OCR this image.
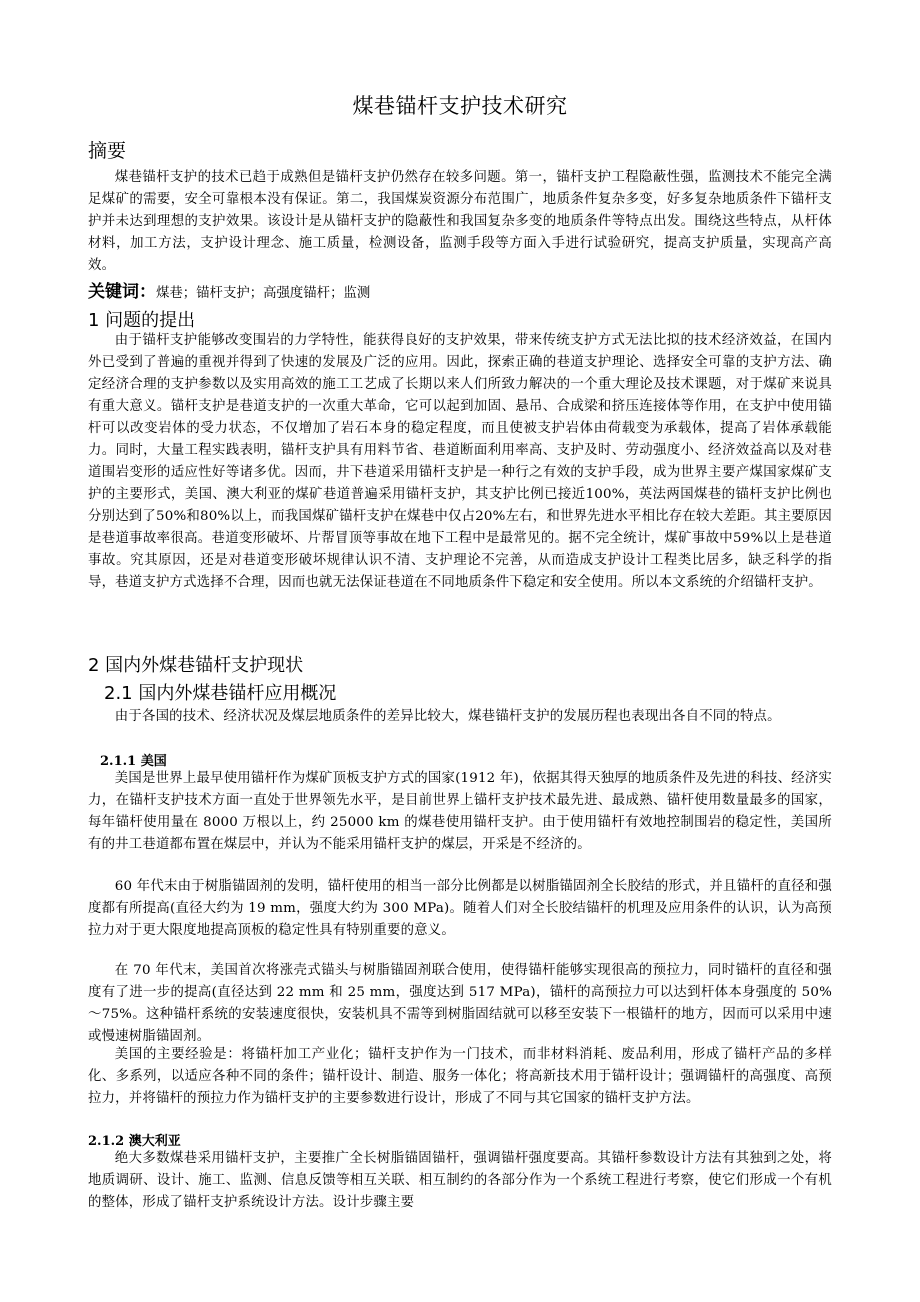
煤巷锚杆支护技术研究
摘要
煤巷锚杆支护的技术已趋于成熟但是锚杆支护仍然存在较多问题。第一，锚杆支护工程隐蔽性强，监测技术不能完全满足煤矿的需要，安全可靠根本没有保证。第二，我国煤炭资源分布范围广，地质条件复杂多变，好多复杂地质条件下锚杆支护并未达到理想的支护效果。该设计是从锚杆支护的隐蔽性和我国复杂多变的地质条件等特点出发。围绕这些特点，从杆体材料，加工方法，支护设计理念、施工质量，检测设备，监测手段等方面入手进行试验研究，提高支护质量，实现高产高效。
关键词：煤巷；锚杆支护；高强度锚杆；监测
1 问题的提出
由于锚杆支护能够改变围岩的力学特性，能获得良好的支护效果，带来传统支护方式无法比拟的技术经济效益，在国内外已受到了普遍的重视并得到了快速的发展及广泛的应用。因此，探索正确的巷道支护理论、选择安全可靠的支护方法、确定经济合理的支护参数以及实用高效的施工工艺成了长期以来人们所致力解决的一个重大理论及技术课题，对于煤矿来说具有重大意义。锚杆支护是巷道支护的一次重大革命，它可以起到加固、悬吊、合成梁和挤压连接体等作用，在支护中使用锚杆可以改变岩体的受力状态，不仅增加了岩石本身的稳定程度，而且使被支护岩体由荷载变为承载体，提高了岩体承载能力。同时，大量工程实践表明，锚杆支护具有用料节省、巷道断面利用率高、支护及时、劳动强度小、经济效益高以及对巷道围岩变形的适应性好等诸多优。因而，井下巷道采用锚杆支护是一种行之有效的支护手段，成为世界主要产煤国家煤矿支护的主要形式，美国、澳大利亚的煤矿巷道普遍采用锚杆支护，其支护比例已接近100%，英法两国煤巷的锚杆支护比例也分别达到了50%和80%以上，而我国煤矿锚杆支护在煤巷中仅占20%左右，和世界先进水平相比存在较大差距。其主要原因是巷道事故率很高。巷道变形破坏、片帮冒顶等事故在地下工程中是最常见的。据不完全统计，煤矿事故中59%以上是巷道事故。究其原因，还是对巷道变形破坏规律认识不清、支护理论不完善，从而造成支护设计工程类比居多，缺乏科学的指导，巷道支护方式选择不合理，因而也就无法保证巷道在不同地质条件下稳定和安全使用。所以本文系统的介绍锚杆支护。
2 国内外煤巷锚杆支护现状
2.1 国内外煤巷锚杆应用概况
由于各国的技术、经济状况及煤层地质条件的差异比较大，煤巷锚杆支护的发展历程也表现出各自不同的特点。
2.1.1 美国
美国是世界上最早使用锚杆作为煤矿顶板支护方式的国家(1912 年)，依据其得天独厚的地质条件及先进的科技、经济实力，在锚杆支护技术方面一直处于世界领先水平，是目前世界上锚杆支护技术最先进、最成熟、锚杆使用数量最多的国家，每年锚杆使用量在 8000 万根以上，约 25000 km 的煤巷使用锚杆支护。由于使用锚杆有效地控制围岩的稳定性，美国所有的井工巷道都布置在煤层中，并认为不能采用锚杆支护的煤层，开采是不经济的。
60 年代末由于树脂锚固剂的发明，锚杆使用的相当一部分比例都是以树脂锚固剂全长胶结的形式，并且锚杆的直径和强度都有所提高(直径大约为 19 mm，强度大约为 300 MPa)。随着人们对全长胶结锚杆的机理及应用条件的认识，认为高预拉力对于更大限度地提高顶板的稳定性具有特别重要的意义。
在 70 年代末，美国首次将涨壳式锚头与树脂锚固剂联合使用，使得锚杆能够实现很高的预拉力，同时锚杆的直径和强度有了进一步的提高(直径达到 22 mm 和 25 mm，强度达到 517 MPa)，锚杆的高预拉力可以达到杆体本身强度的 50%～75%。这种锚杆系统的安装速度很快，安装机具不需等到树脂固结就可以移至安装下一根锚杆的地方，因而可以采用中速或慢速树脂锚固剂。
美国的主要经验是：将锚杆加工产业化；锚杆支护作为一门技术，而非材料消耗、废品利用，形成了锚杆产品的多样化、多系列，以适应各种不同的条件；锚杆设计、制造、服务一体化；将高新技术用于锚杆设计；强调锚杆的高强度、高预拉力，并将锚杆的预拉力作为锚杆支护的主要参数进行设计，形成了不同与其它国家的锚杆支护方法。
2.1.2 澳大利亚
绝大多数煤巷采用锚杆支护，主要推广全长树脂锚固锚杆，强调锚杆强度要高。其锚杆参数设计方法有其独到之处，将地质调研、设计、施工、监测、信息反馈等相互关联、相互制约的各部分作为一个系统工程进行考察，使它们形成一个有机的整体，形成了锚杆支护系统设计方法。设计步骤主要
